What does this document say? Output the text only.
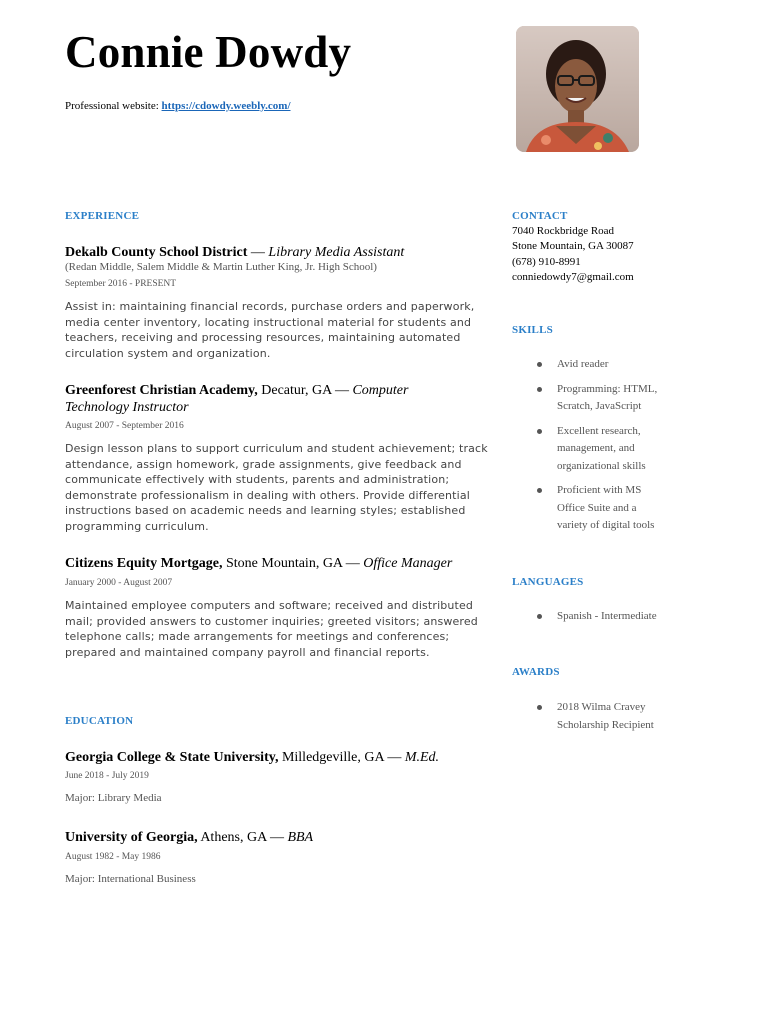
Connie Dowdy
Professional website: https://cdowdy.weebly.com/
EXPERIENCE
Dekalb County School District — Library Media Assistant
(Redan Middle, Salem Middle & Martin Luther King, Jr. High School)
September 2016 - PRESENT
Assist in: maintaining financial records, purchase orders and paperwork, media center inventory, locating instructional material for students and teachers, receiving and processing resources, maintaining automated circulation system and organization.
Greenforest Christian Academy, Decatur, GA — Computer Technology Instructor
August 2007 - September 2016
Design lesson plans to support curriculum and student achievement; track attendance, assign homework, grade assignments, give feedback and communicate effectively with students, parents and administration; demonstrate professionalism in dealing with others. Provide differential instructions based on academic needs and learning styles; established programming curriculum.
Citizens Equity Mortgage, Stone Mountain, GA — Office Manager
January 2000 - August 2007
Maintained employee computers and software; received and distributed mail; provided answers to customer inquiries; greeted visitors; answered telephone calls; made arrangements for meetings and conferences; prepared and maintained company payroll and financial reports.
EDUCATION
Georgia College & State University, Milledgeville, GA — M.Ed.
June 2018 - July 2019
Major: Library Media
University of Georgia, Athens, GA — BBA
August 1982 - May 1986
Major: International Business
CONTACT
7040 Rockbridge Road
Stone Mountain, GA 30087
(678) 910-8991
conniedowdy7@gmail.com
SKILLS
Avid reader
Programming: HTML, Scratch, JavaScript
Excellent research, management, and organizational skills
Proficient with MS Office Suite and a variety of digital tools
LANGUAGES
Spanish - Intermediate
AWARDS
2018 Wilma Cravey Scholarship Recipient
